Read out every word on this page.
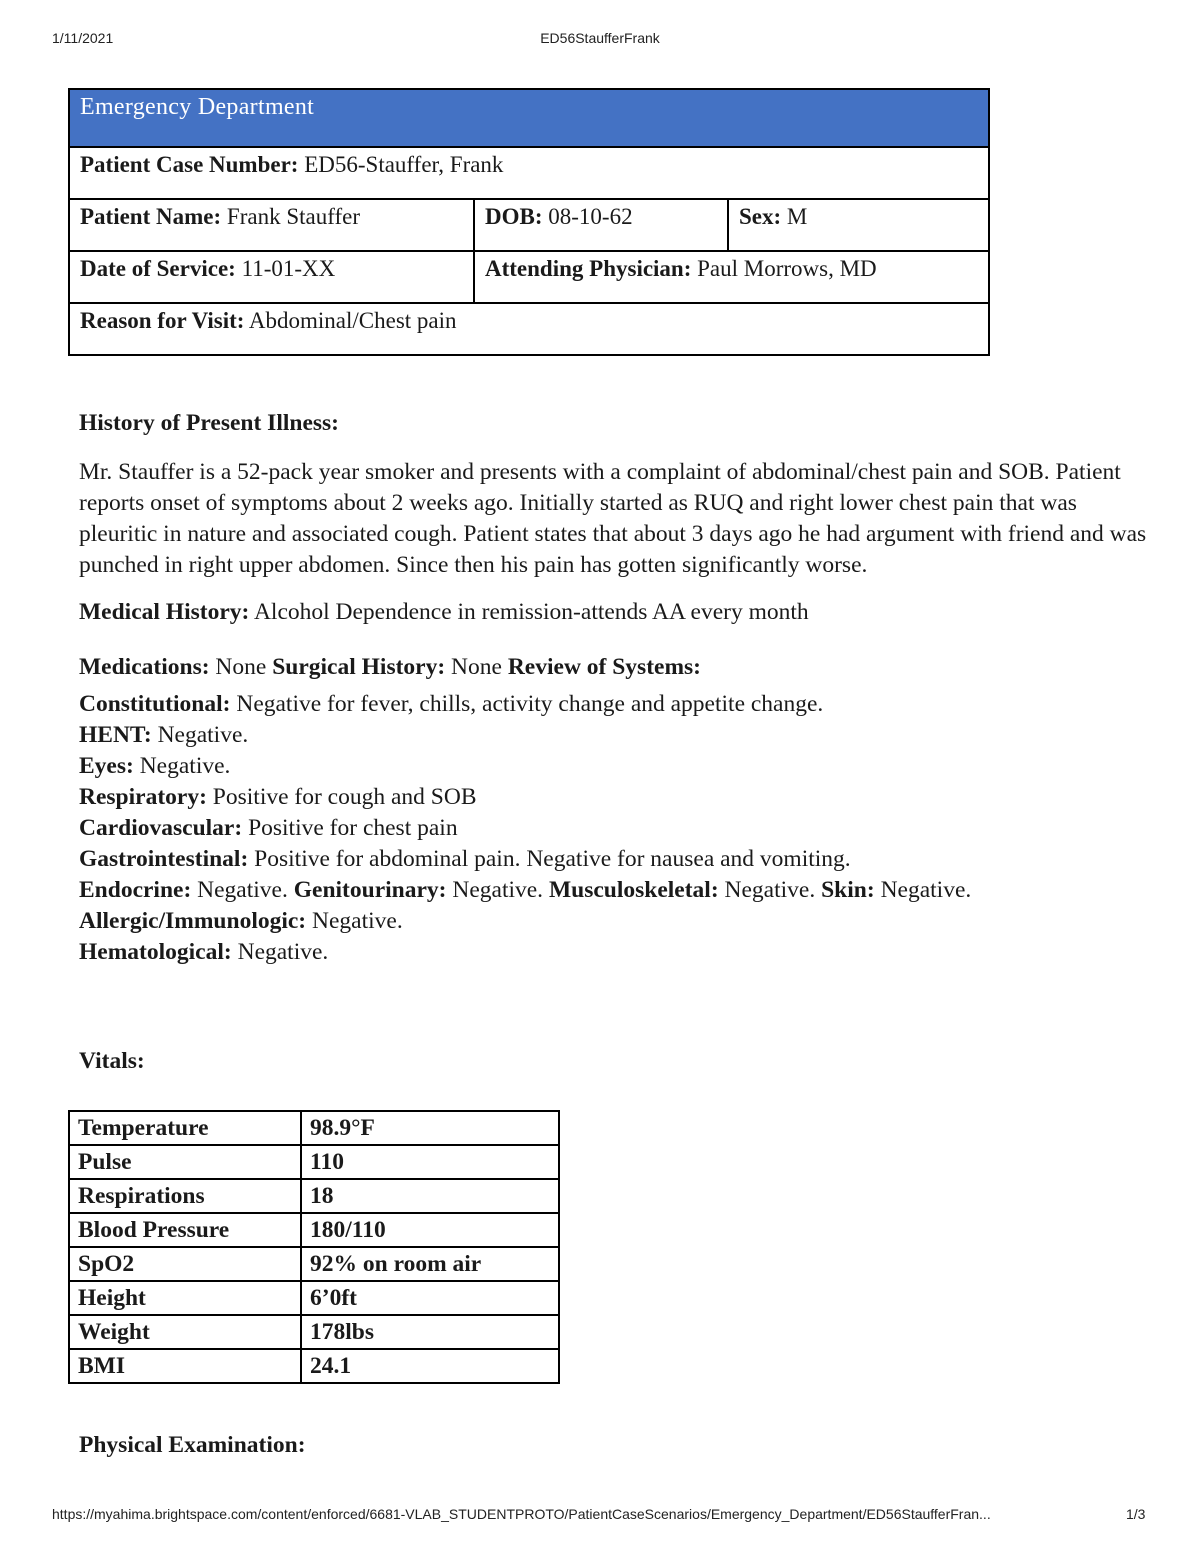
1/11/2021	ED56StaufferFrank
Emergency Department		
Patient Case Number: ED56-Stauffer, Frank		
Patient Name: Frank Stauffer	DOB: 08-10-62	Sex: M
Date of Service: 11-01-XX	Attending Physician: Paul Morrows, MD	
Reason for Visit: Abdominal/Chest pain		

History of Present Illness:

Mr. Stauffer is a 52-pack year smoker and presents with a complaint of abdominal/chest pain and SOB. Patient reports onset of symptoms about 2 weeks ago. Initially started as RUQ and right lower chest pain that was pleuritic in nature and associated cough. Patient states that about 3 days ago he had argument with friend and was punched in right upper abdomen. Since then his pain has gotten significantly worse.

Medical History: Alcohol Dependence in remission-attends AA every month

Medications: None Surgical History: None Review of Systems:

Constitutional: Negative for fever, chills, activity change and appetite change.

HENT: Negative.

Eyes: Negative.

Respiratory: Positive for cough and SOB

Cardiovascular: Positive for chest pain

Gastrointestinal: Positive for abdominal pain. Negative for nausea and vomiting.

Endocrine: Negative. Genitourinary: Negative. Musculoskeletal: Negative. Skin: Negative.

Allergic/Immunologic: Negative.

Hematological: Negative.

Vitals:
Temperature	98.9°F
Pulse	110
Respirations	18
Blood Pressure	180/110
SpO2	92% on room air
Height	6’0ft
Weight	178lbs
BMI	24.1
Physical Examination:
https://myahima.brightspace.com/content/enforced/6681-VLAB_STUDENTPROTO/PatientCaseScenarios/Emergency_Department/ED56StaufferFran...	1/3
